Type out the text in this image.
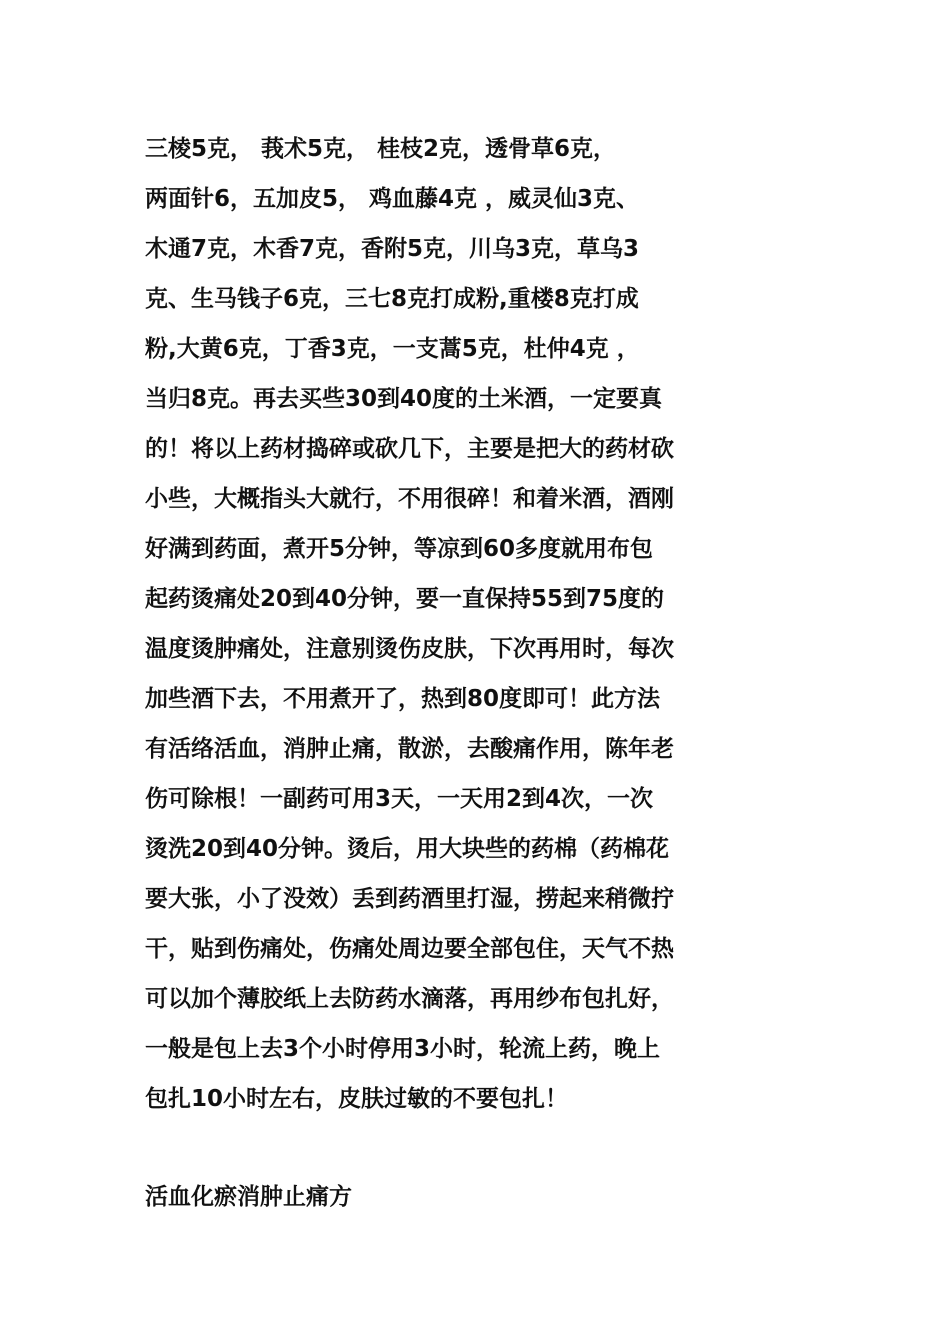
三棱5克， 莪术5克， 桂枝2克，透骨草6克，
两面针6，五加皮5， 鸡血藤4克 ，威灵仙3克、
木通7克，木香7克，香附5克，川乌3克，草乌3
克、生马钱子6克，三七8克打成粉,重楼8克打成
粉,大黄6克，丁香3克，一支蒿5克，杜仲4克 ，
当归8克。再去买些30到40度的土米酒，一定要真
的！将以上药材捣碎或砍几下，主要是把大的药材砍
小些，大概指头大就行，不用很碎！和着米酒，酒刚
好满到药面，煮开5分钟，等凉到60多度就用布包
起药烫痛处20到40分钟，要一直保持55到75度的
温度烫肿痛处，注意别烫伤皮肤，下次再用时，每次
加些酒下去，不用煮开了，热到80度即可！此方法
有活络活血，消肿止痛，散淤，去酸痛作用，陈年老
伤可除根！一副药可用3天，一天用2到4次，一次
烫洗20到40分钟。烫后，用大块些的药棉（药棉花
要大张，小了没效）丢到药酒里打湿，捞起来稍微拧
干，贴到伤痛处，伤痛处周边要全部包住，天气不热
可以加个薄胶纸上去防药水滴落，再用纱布包扎好，
一般是包上去3个小时停用3小时，轮流上药，晚上
包扎10小时左右，皮肤过敏的不要包扎！
活血化瘀消肿止痛方
